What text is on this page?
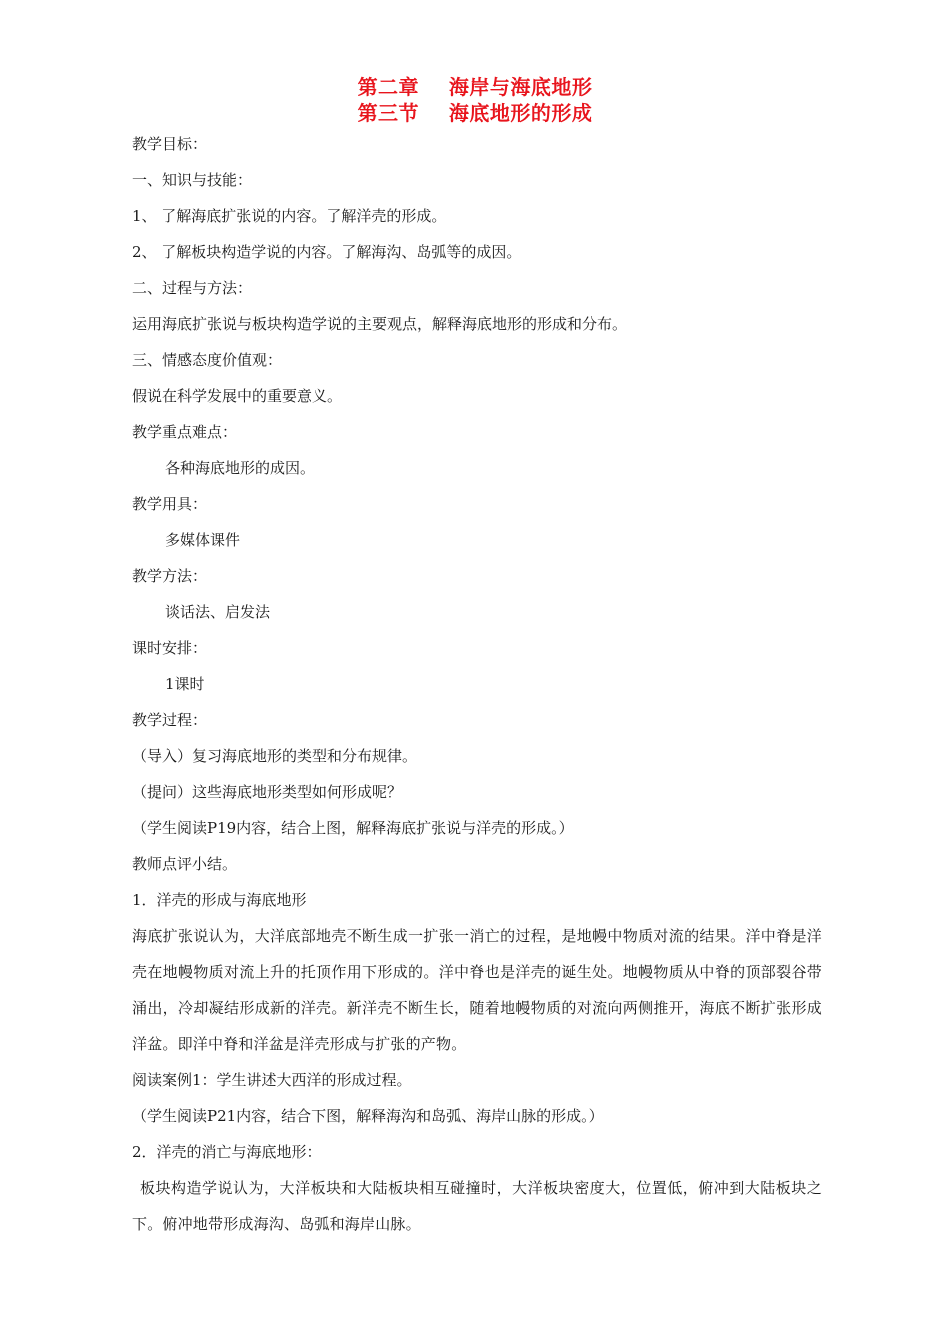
第二章    海岸与海底地形
第三节    海底地形的形成
教学目标：
一、知识与技能：
1、 了解海底扩张说的内容。了解洋壳的形成。
2、 了解板块构造学说的内容。了解海沟、岛弧等的成因。
二、过程与方法：
运用海底扩张说与板块构造学说的主要观点，解释海底地形的形成和分布。
三、情感态度价值观：
假说在科学发展中的重要意义。
教学重点难点：
各种海底地形的成因。
教学用具：
多媒体课件
教学方法：
谈话法、启发法
课时安排：
1课时
教学过程：
（导入）复习海底地形的类型和分布规律。
（提问）这些海底地形类型如何形成呢？
（学生阅读P19内容，结合上图，解释海底扩张说与洋壳的形成。）
教师点评小结。
1．洋壳的形成与海底地形
海底扩张说认为，大洋底部地壳不断生成一扩张一消亡的过程，是地幔中物质对流的结果。洋中脊是洋壳在地幔物质对流上升的托顶作用下形成的。洋中脊也是洋壳的诞生处。地幔物质从中脊的顶部裂谷带涌出，冷却凝结形成新的洋壳。新洋壳不断生长，随着地幔物质的对流向两侧推开，海底不断扩张形成洋盆。即洋中脊和洋盆是洋壳形成与扩张的产物。
阅读案例1：学生讲述大西洋的形成过程。
（学生阅读P21内容，结合下图，解释海沟和岛弧、海岸山脉的形成。）
2．洋壳的消亡与海底地形：
板块构造学说认为，大洋板块和大陆板块相互碰撞时，大洋板块密度大，位置低，俯冲到大陆板块之下。俯冲地带形成海沟、岛弧和海岸山脉。
